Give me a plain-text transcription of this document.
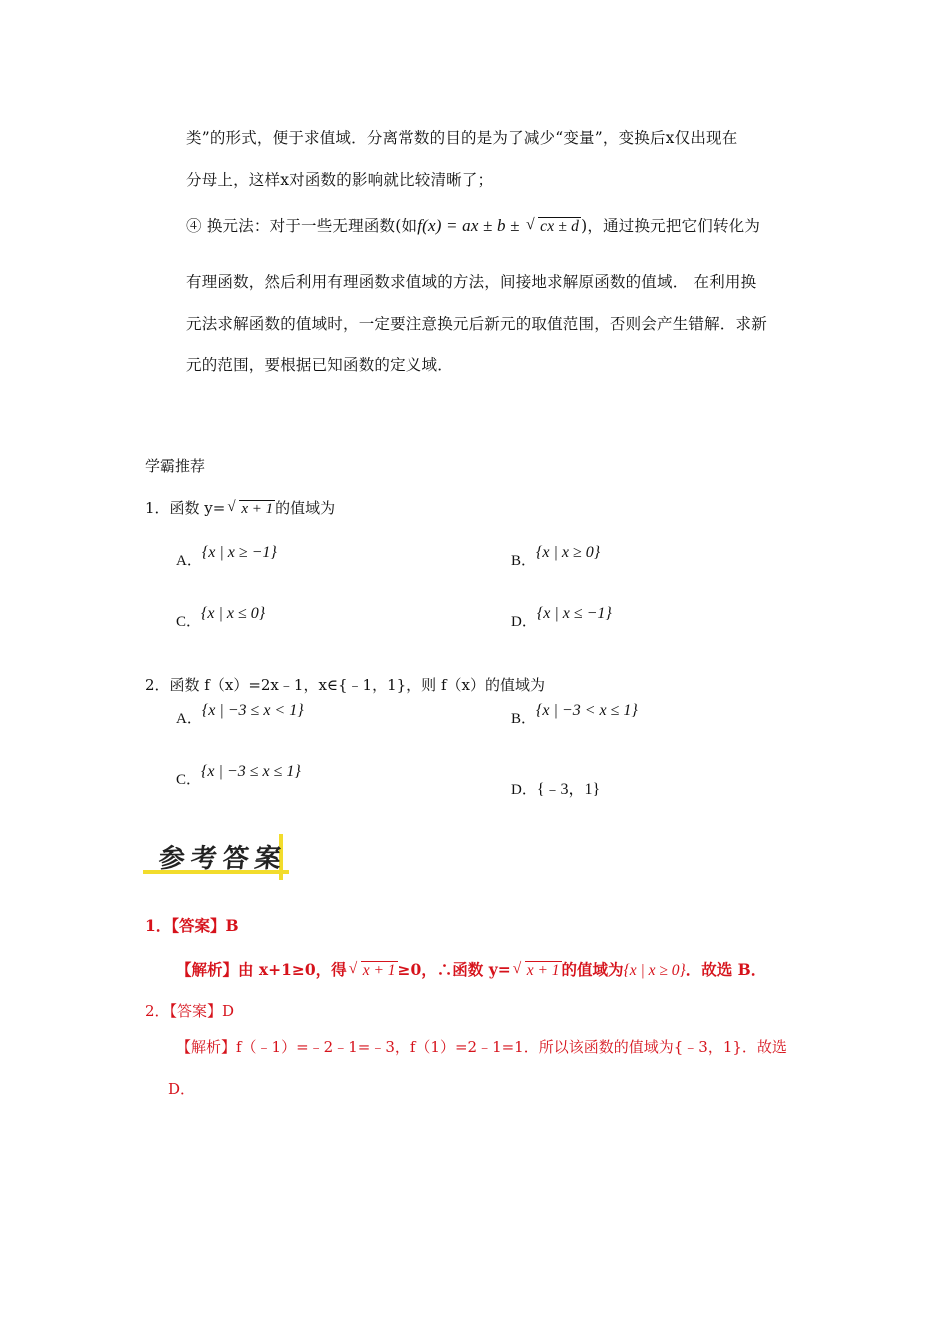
类”的形式，便于求值域．分离常数的目的是为了减少“变量”，变换后x仅出现在
分母上，这样x对函数的影响就比较清晰了；
④ 换元法：对于一些无理函数(如f(x) = ax ± b ± √ cx ± d )，通过换元把它们转化为
有理函数，然后利用有理函数求值域的方法，间接地求解原函数的值域． 在利用换
元法求解函数的值域时，一定要注意换元后新元的取值范围，否则会产生错解．求新
元的范围，要根据已知函数的定义域．
学霸推荐
1．函数 y= √ x + 1 的值域为
A．{x | x ≥ −1}	B．{x | x ≥ 0}
C．{x | x ≤ 0}	D．{x | x ≤ −1}
2．函数 f（x）=2x﹣1，x∈{﹣1，1}，则 f（x）的值域为
A．{x | −3 ≤ x < 1}	B．{x | −3 < x ≤ 1}
C．{x | −3 ≤ x ≤ 1}
D．{﹣3，1}
参考答案
1．【答案】B
【解析】由 x+1≥0，得 √ x + 1 ≥0，∴函数 y= √ x + 1 的值域为{x | x ≥ 0}．故选 B．
2．【答案】D
【解析】f（﹣1）=﹣2﹣1=﹣3，f（1）=2﹣1=1．所以该函数的值域为{﹣3，1}．故选
D．
